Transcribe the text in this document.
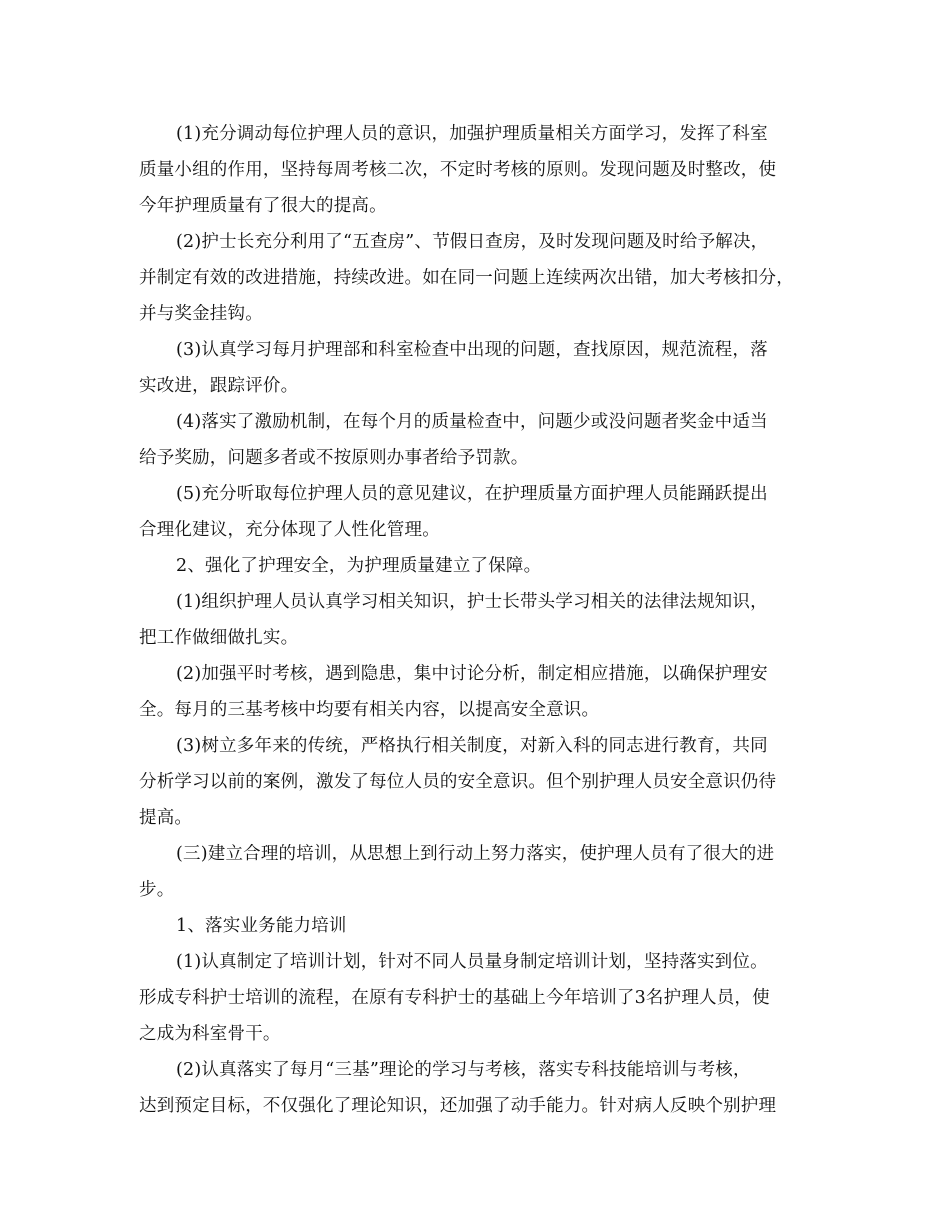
(1)充分调动每位护理人员的意识，加强护理质量相关方面学习，发挥了科室
质量小组的作用，坚持每周考核二次，不定时考核的原则。发现问题及时整改，使
今年护理质量有了很大的提高。
(2)护士长充分利用了“五查房”、节假日查房，及时发现问题及时给予解决，
并制定有效的改进措施，持续改进。如在同一问题上连续两次出错，加大考核扣分，
并与奖金挂钩。
(3)认真学习每月护理部和科室检查中出现的问题，查找原因，规范流程，落
实改进，跟踪评价。
(4)落实了激励机制，在每个月的质量检查中，问题少或没问题者奖金中适当
给予奖励，问题多者或不按原则办事者给予罚款。
(5)充分听取每位护理人员的意见建议，在护理质量方面护理人员能踊跃提出
合理化建议，充分体现了人性化管理。
2、强化了护理安全，为护理质量建立了保障。
(1)组织护理人员认真学习相关知识，护士长带头学习相关的法律法规知识，
把工作做细做扎实。
(2)加强平时考核，遇到隐患，集中讨论分析，制定相应措施，以确保护理安
全。每月的三基考核中均要有相关内容，以提高安全意识。
(3)树立多年来的传统，严格执行相关制度，对新入科的同志进行教育，共同
分析学习以前的案例，激发了每位人员的安全意识。但个别护理人员安全意识仍待
提高。
(三)建立合理的培训，从思想上到行动上努力落实，使护理人员有了很大的进
步。
1、落实业务能力培训
(1)认真制定了培训计划，针对不同人员量身制定培训计划，坚持落实到位。
形成专科护士培训的流程，在原有专科护士的基础上今年培训了3名护理人员，使
之成为科室骨干。
(2)认真落实了每月“三基”理论的学习与考核，落实专科技能培训与考核，
达到预定目标，不仅强化了理论知识，还加强了动手能力。针对病人反映个别护理
